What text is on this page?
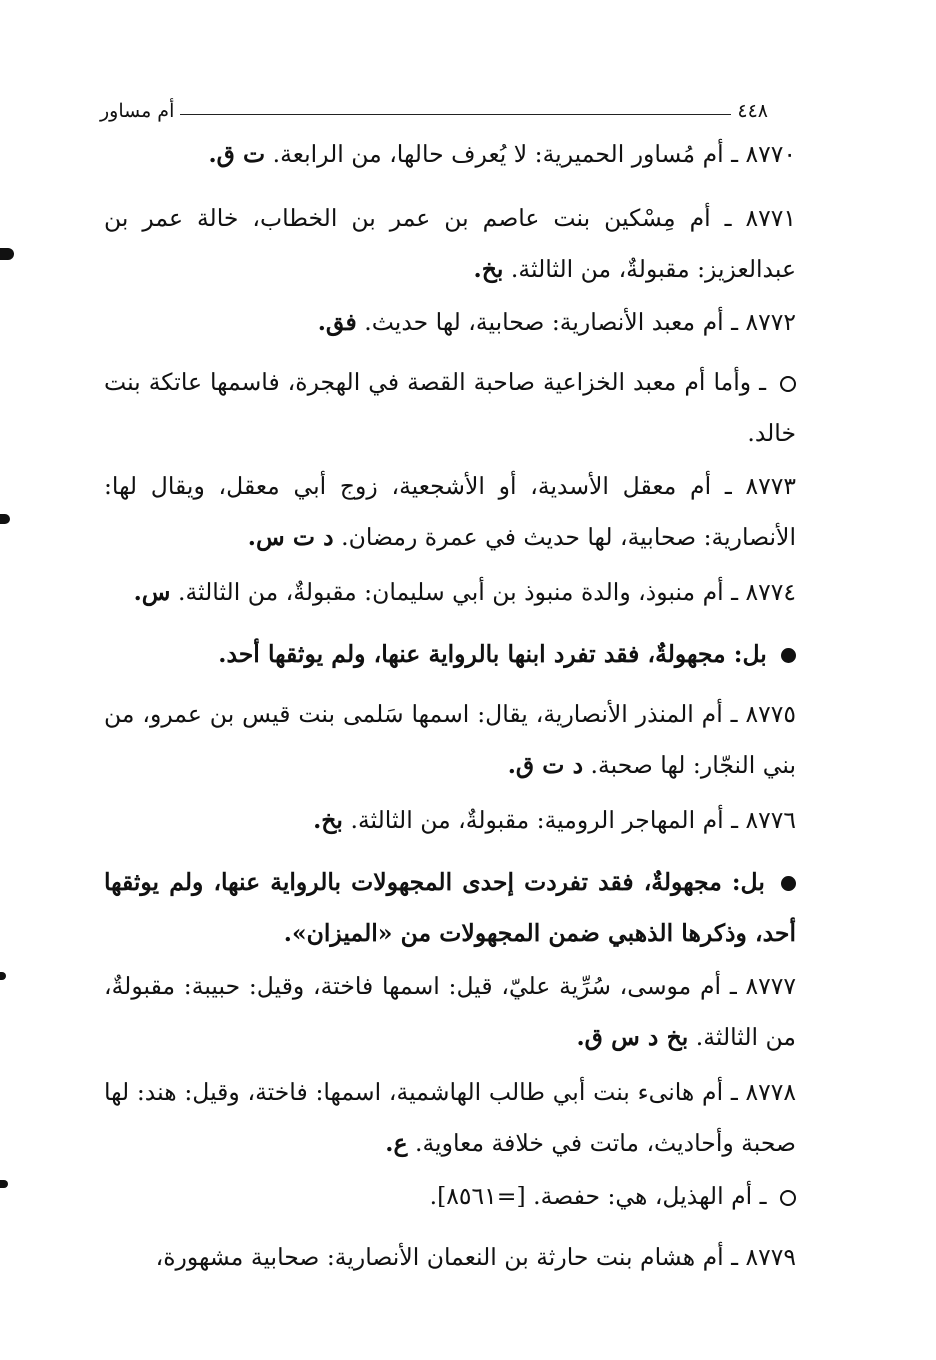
٤٤٨
أم مساور
٨٧٧٠ ـ أم مُساور الحميرية: لا يُعرف حالها، من الرابعة. ت ق.
٨٧٧١ ـ أم مِسْكين بنت عاصم بن عمر بن الخطاب، خالة عمر بن عبدالعزيز: مقبولةٌ، من الثالثة. بخ.
٨٧٧٢ ـ أم معبد الأنصارية: صحابية، لها حديث. فق.
ـ وأما أم معبد الخزاعية صاحبة القصة في الهجرة، فاسمها عاتكة بنت خالد.
٨٧٧٣ ـ أم معقل الأسدية، أو الأشجعية، زوج أبي معقل، ويقال لها: الأنصارية: صحابية، لها حديث في عمرة رمضان. د ت س.
٨٧٧٤ ـ أم منبوذ، والدة منبوذ بن أبي سليمان: مقبولةٌ، من الثالثة. س.
بل: مجهولةٌ، فقد تفرد ابنها بالرواية عنها، ولم يوثقها أحد.
٨٧٧٥ ـ أم المنذر الأنصارية، يقال: اسمها سَلمى بنت قيس بن عمرو، من بني النجّار: لها صحبة. د ت ق.
٨٧٧٦ ـ أم المهاجر الرومية: مقبولةٌ، من الثالثة. بخ.
بل: مجهولةٌ، فقد تفردت إحدى المجهولات بالرواية عنها، ولم يوثقها أحد، وذكرها الذهبي ضمن المجهولات من «الميزان».
٨٧٧٧ ـ أم موسى، سُرِّية عليّ، قيل: اسمها فاختة، وقيل: حبيبة: مقبولةٌ، من الثالثة. بخ د س ق.
٨٧٧٨ ـ أم هانىء بنت أبي طالب الهاشمية، اسمها: فاختة، وقيل: هند: لها صحبة وأحاديث، ماتت في خلافة معاوية. ع.
ـ أم الهذيل، هي: حفصة. [=٨٥٦١].
٨٧٧٩ ـ أم هشام بنت حارثة بن النعمان الأنصارية: صحابية مشهورة،
